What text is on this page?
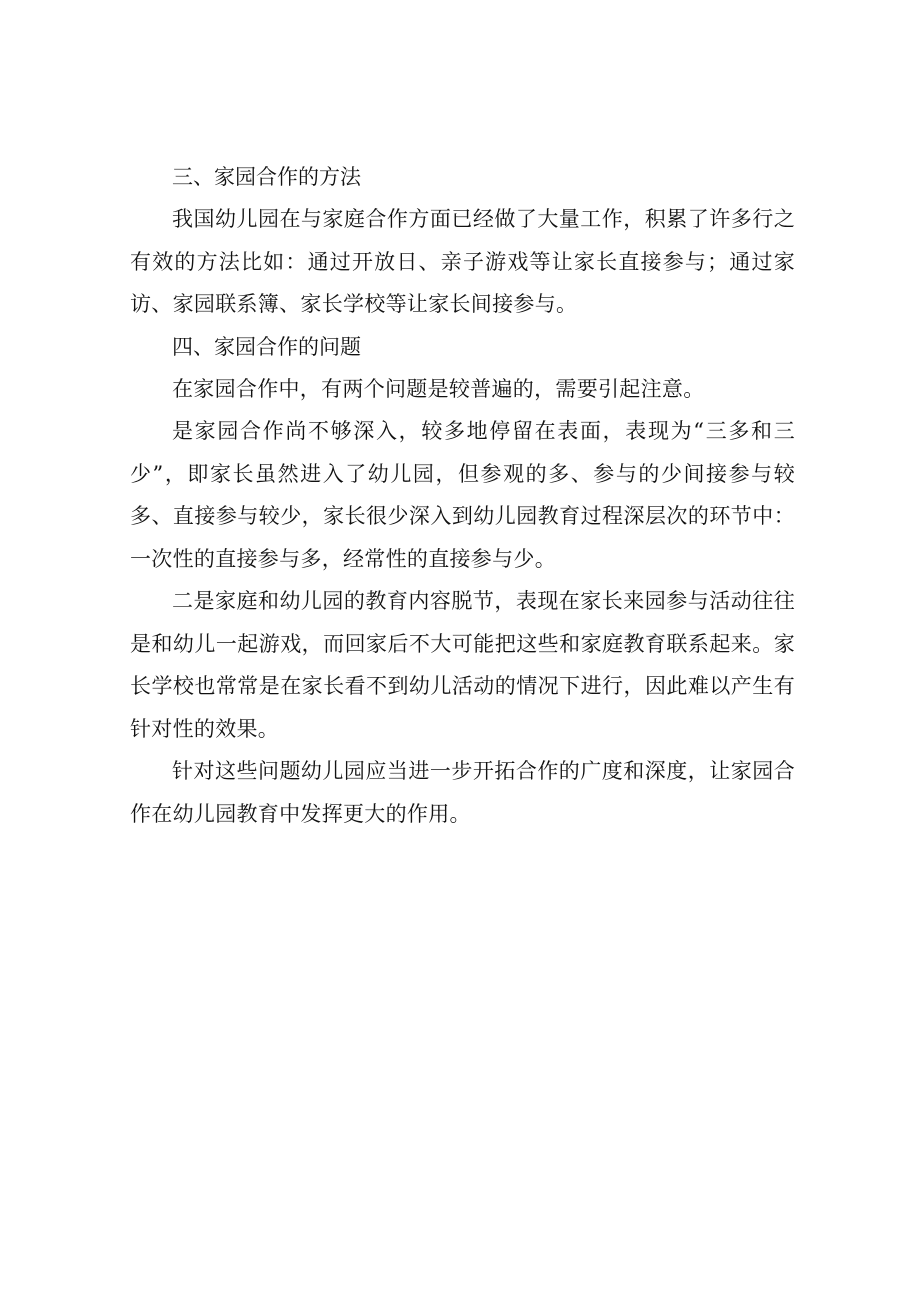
三、家园合作的方法

我国幼儿园在与家庭合作方面已经做了大量工作，积累了许多行之有效的方法比如：通过开放日、亲子游戏等让家长直接参与；通过家访、家园联系簿、家长学校等让家长间接参与。

四、家园合作的问题

在家园合作中，有两个问题是较普遍的，需要引起注意。

是家园合作尚不够深入，较多地停留在表面，表现为“三多和三少”，即家长虽然进入了幼儿园，但参观的多、参与的少间接参与较多、直接参与较少，家长很少深入到幼儿园教育过程深层次的环节中：一次性的直接参与多，经常性的直接参与少。

二是家庭和幼儿园的教育内容脱节，表现在家长来园参与活动往往是和幼儿一起游戏，而回家后不大可能把这些和家庭教育联系起来。家长学校也常常是在家长看不到幼儿活动的情况下进行，因此难以产生有针对性的效果。

针对这些问题幼儿园应当进一步开拓合作的广度和深度，让家园合作在幼儿园教育中发挥更大的作用。
